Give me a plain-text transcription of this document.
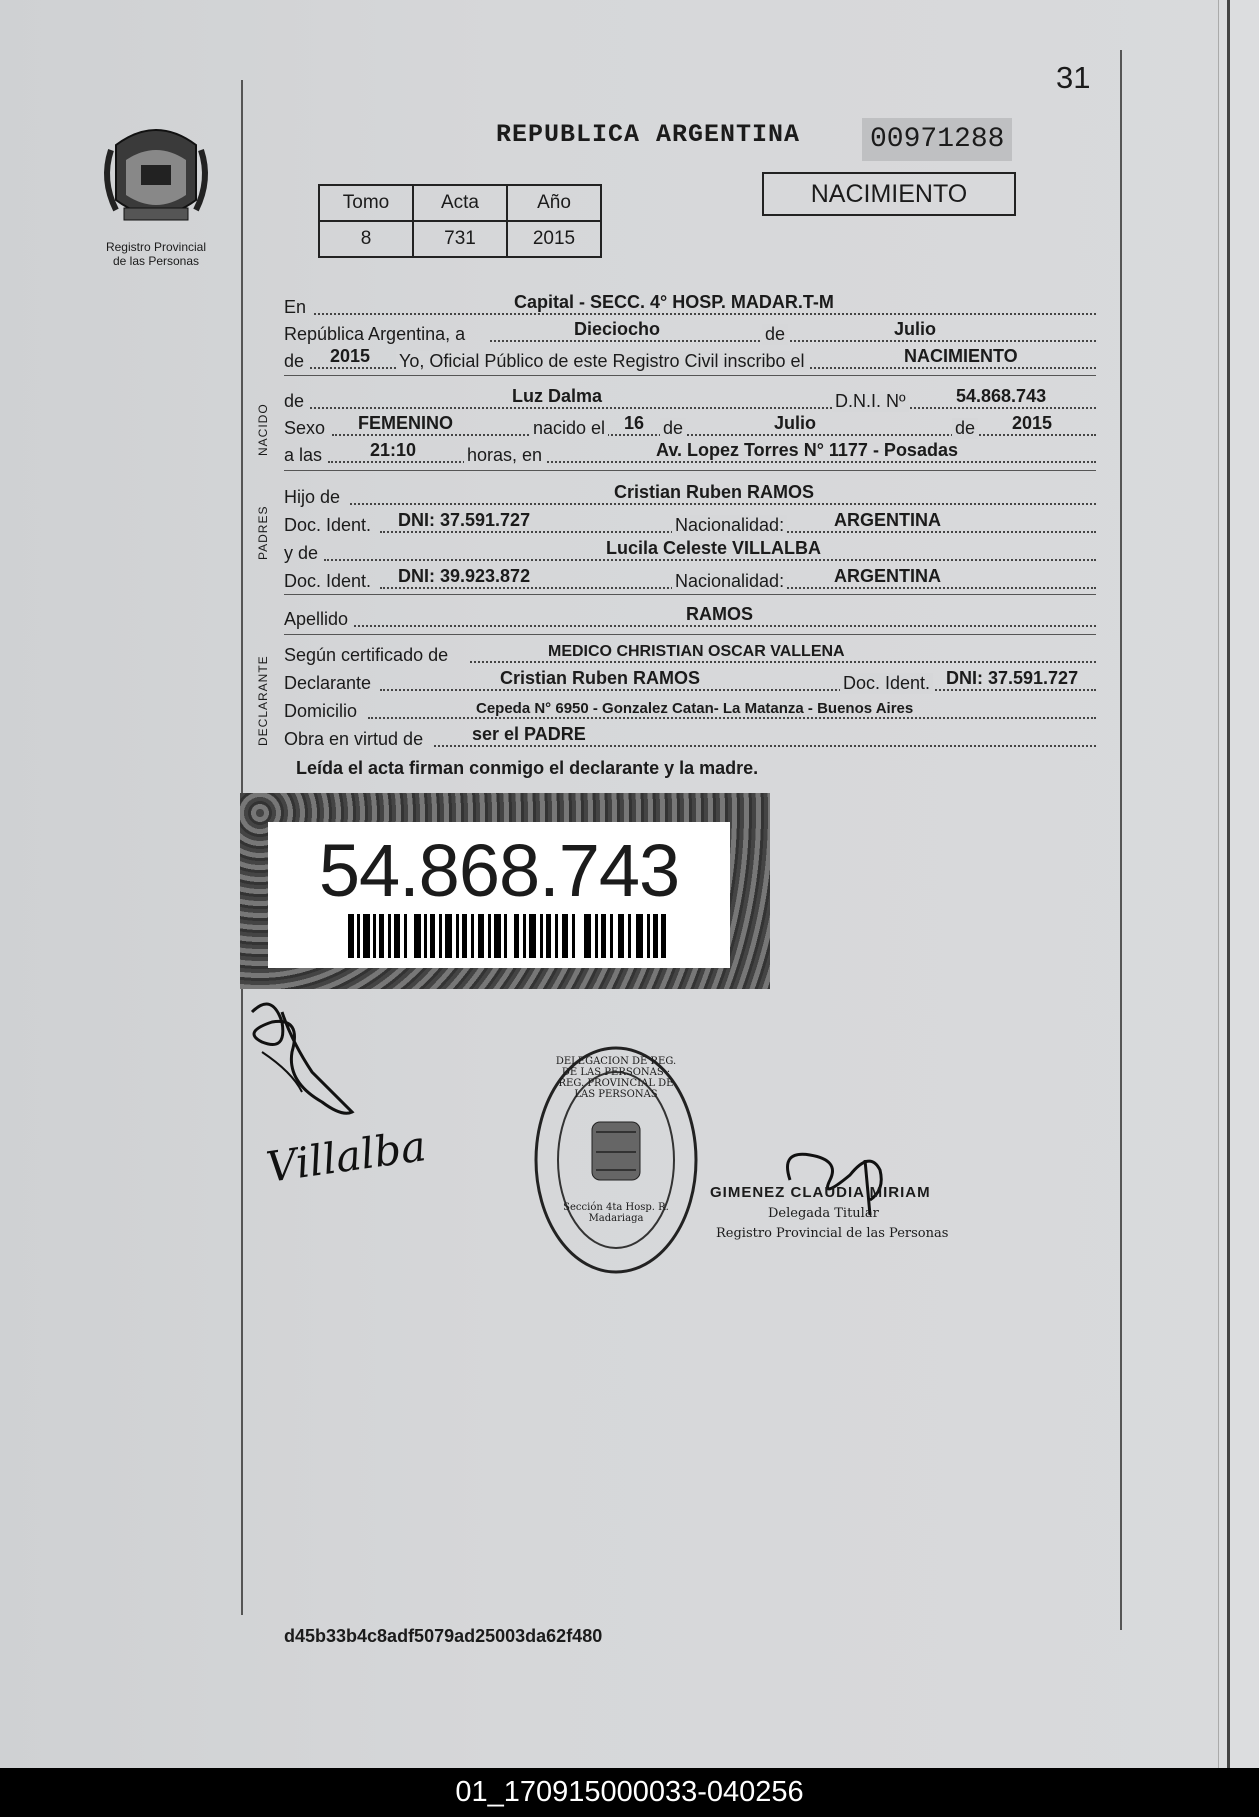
31
Registro Provincial
de las Personas
REPUBLICA ARGENTINA 00971288
Tomo	Acta	Año
8	731	2015
NACIMIENTO
En	Capital - SECC. 4° HOSP. MADAR.T-M
República Argentina, a	Dieciocho	de	Julio
de 2015 Yo, Oficial Público de este Registro Civil inscribo el	NACIMIENTO
NACIDO
de	Luz Dalma	D.N.I. Nº	54.868.743
Sexo FEMENINO	nacido el 16 de	Julio	de 2015
a las	21:10	horas, en	Av. Lopez Torres N° 1177 - Posadas
PADRES
Hijo de	Cristian Ruben RAMOS
Doc. Ident. DNI: 37.591.727	Nacionalidad:	ARGENTINA
y de	Lucila Celeste VILLALBA
Doc. Ident. DNI: 39.923.872	Nacionalidad:	ARGENTINA
Apellido	RAMOS
DECLARANTE
Según certificado de	MEDICO CHRISTIAN OSCAR VALLENA
Declarante	Cristian Ruben RAMOS	Doc. Ident. DNI: 37.591.727
Domicilio	Cepeda N° 6950 - Gonzalez Catan- La Matanza - Buenos Aires
Obra en virtud de	ser el PADRE
Leída el acta firman conmigo el declarante y la madre.
54.868.743
Villalba
DELEGACION DE REG. DE LAS PERSONAS · REG. PROVINCIAL DE LAS PERSONAS
Sección 4ta Hosp. R. Madariaga
GIMENEZ CLAUDIA MIRIAM
Delegada Titular
Registro Provincial de las Personas
d45b33b4c8adf5079ad25003da62f480
01_170915000033-040256
